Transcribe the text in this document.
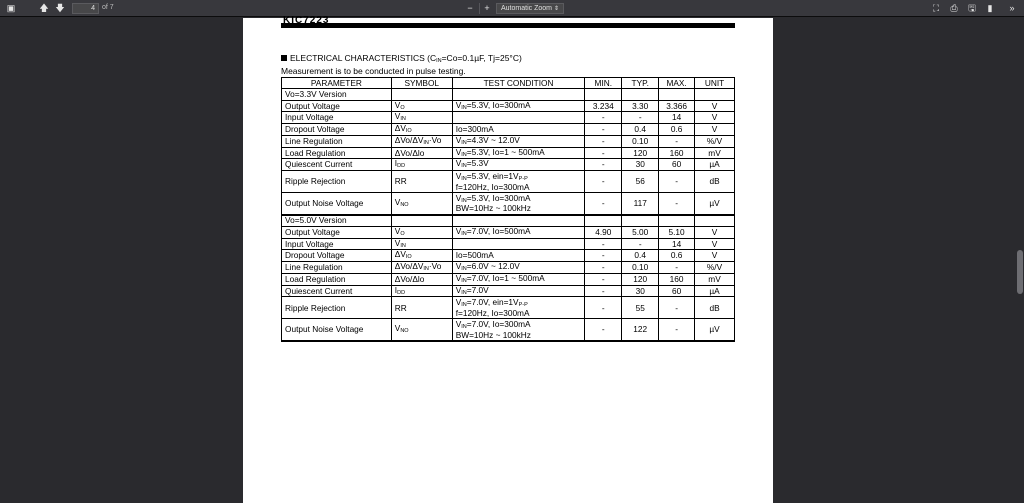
▣	🡅 🡇
4	of 7	−	+	Automatic Zoom ⇕	⛶	⎙	🖫	▮	»
KIC7223
ELECTRICAL CHARACTERISTICS ($C_{IN}=Co=0.1\mu F$, Tj=25°C)
Measurement is to be conducted in pulse testing.
PARAMETER	SYMBOL	TEST CONDITION	MIN.	TYP.	MAX.	UNIT
Vo=3.3V Version						
Output Voltage	$V_O$	$V_{IN}=5.3V$, Io=300mA	3.234	3.30	3.366	V
Input Voltage	$V_{IN}$		-	-	14	V
Dropout Voltage	$\Delta V_{IO}$	Io=300mA	-	0.4	0.6	V
Line Regulation	ΔVo/$\Delta V_{IN}\cdot Vo$	$V_{IN}=4.3V$ ~ 12.0V	-	0.10	-	%/V
Load Regulation	ΔVo/Δlo	$V_{IN}=5.3V$, Io=1 ~ 500mA	-	120	160	mV
Quiescent Current	$I_{DD}$	$V_{IN}=5.3V$	-	30	60	µA
Ripple Rejection	RR	$V_{IN}=5.3V$, $ein=1V_{P-P}$
f=120Hz, Io=300mA	-	56	-	dB
Output Noise Voltage	$V_{NO}$	$V_{IN}=5.3V$, Io=300mA
BW=10Hz ~ 100kHz	-	117	-	µV
Vo=5.0V Version						
Output Voltage	$V_O$	$V_{IN}=7.0V$, Io=500mA	4.90	5.00	5.10	V
Input Voltage	$V_{IN}$		-	-	14	V
Dropout Voltage	$\Delta V_{IO}$	Io=500mA	-	0.4	0.6	V
Line Regulation	ΔVo/$\Delta V_{IN}\cdot Vo$	$V_{IN}=6.0V$ ~ 12.0V	-	0.10	-	%/V
Load Regulation	ΔVo/Δlo	$V_{IN}=7.0V$, Io=1 ~ 500mA	-	120	160	mV
Quiescent Current	$I_{DD}$	$V_{IN}=7.0V$	-	30	60	µA
Ripple Rejection	RR	$V_{IN}=7.0V$, $ein=1V_{P-P}$
f=120Hz, Io=300mA	-	55	-	dB
Output Noise Voltage	$V_{NO}$	$V_{IN}=7.0V$, Io=300mA
BW=10Hz ~ 100kHz	-	122	-	µV
